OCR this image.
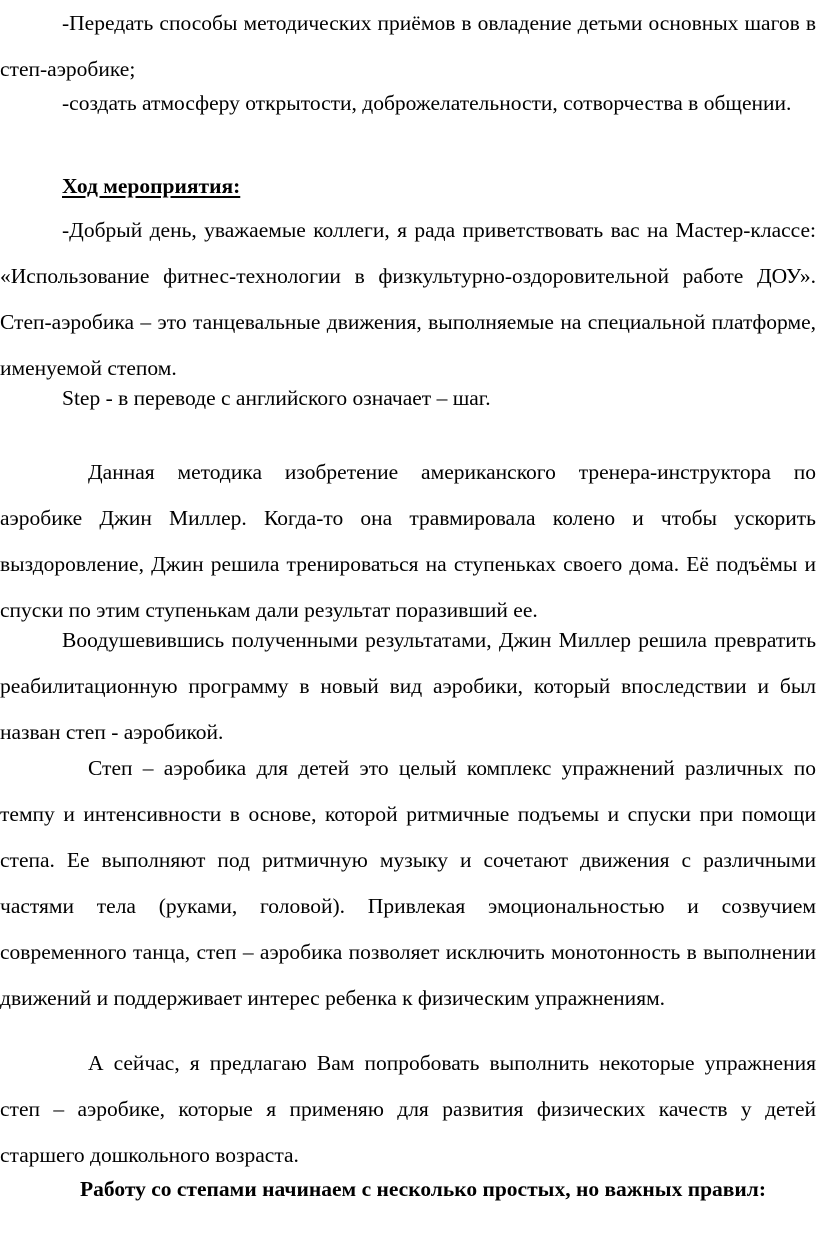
-Передать способы методических приёмов в овладение детьми основных шагов в степ-аэробике;

-создать атмосферу открытости, доброжелательности, сотворчества в общении.

Ход мероприятия:

-Добрый день, уважаемые коллеги, я рада приветствовать вас на Мастер-классе: «Использование фитнес-технологии в физкультурно-оздоровительной работе ДОУ». Степ-аэробика – это танцевальные движения, выполняемые на специальной платформе, именуемой степом.

Step - в переводе с английского означает – шаг.

Данная методика изобретение американского тренера-инструктора по аэробике Джин Миллер. Когда-то она травмировала колено и чтобы ускорить выздоровление, Джин решила тренироваться на ступеньках своего дома. Её подъёмы и спуски по этим ступенькам дали результат поразивший ее.

Воодушевившись полученными результатами, Джин Миллер решила превратить реабилитационную программу в новый вид аэробики, который впоследствии и был назван степ - аэробикой.

Степ – аэробика для детей это целый комплекс упражнений различных по темпу и интенсивности в основе, которой ритмичные подъемы и спуски при помощи степа. Ее выполняют под ритмичную музыку и сочетают движения с различными частями тела (руками, головой). Привлекая эмоциональностью и созвучием современного танца, степ – аэробика позволяет исключить монотонность в выполнении движений и поддерживает интерес ребенка к физическим упражнениям.

А сейчас, я предлагаю Вам попробовать выполнить некоторые упражнения степ – аэробике, которые я применяю для развития физических качеств у детей старшего дошкольного возраста.

Работу со степами начинаем с несколько простых, но важных правил:
